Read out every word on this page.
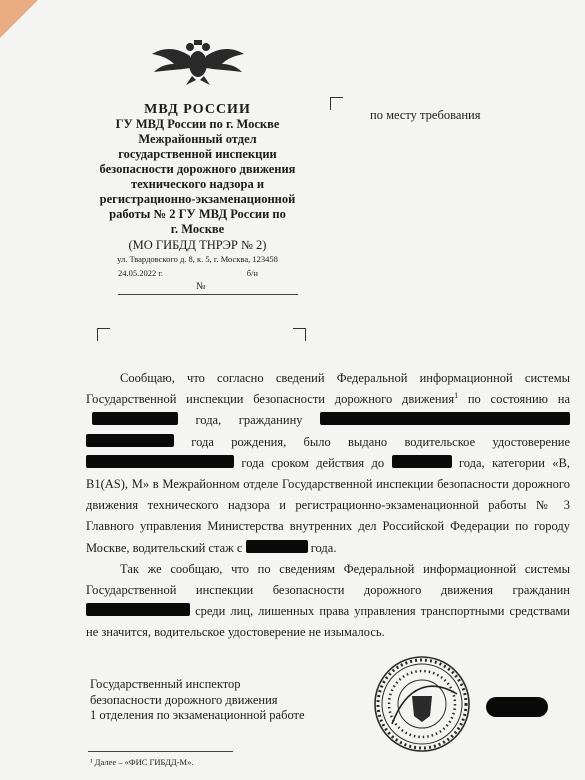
МВД РОССИИ
ГУ МВД России по г. Москве
Межрайонный отдел
государственной инспекции
безопасности дорожного движения
технического надзора и
регистрационно-экзаменационной
работы № 2 ГУ МВД России по
г. Москве
(МО ГИБДД ТНРЭР № 2)
ул. Твардовского д. 8, к. 5, г. Москва, 123458
24.05.2022 г.	б/н
№
по месту требования

Сообщаю, что согласно сведений Федеральной информационной системы Государственной инспекции безопасности дорожного движения$^1$ по состоянию на года, гражданину  года рождения, было выдано водительское удостоверение  года сроком действия до	года, категории «В, В1(AS), М» в Межрайонном отделе Государственной инспекции безопасности дорожного движения технического надзора и регистрационно-экзаменационной работы № 3 Главного управления Министерства внутренних дел Российской Федерации по городу Москве, водительский стаж с	года.

Так же сообщаю, что по сведениям Федеральной информационной системы Государственной инспекции безопасности дорожного движения гражданин  среди лиц, лишенных права управления транспортными средствами не значится, водительское удостоверение не изымалось.

Государственный инспектор
безопасности дорожного движения
1 отделения по экзаменационной работе
¹ Далее – «ФИС ГИБДД-М».
